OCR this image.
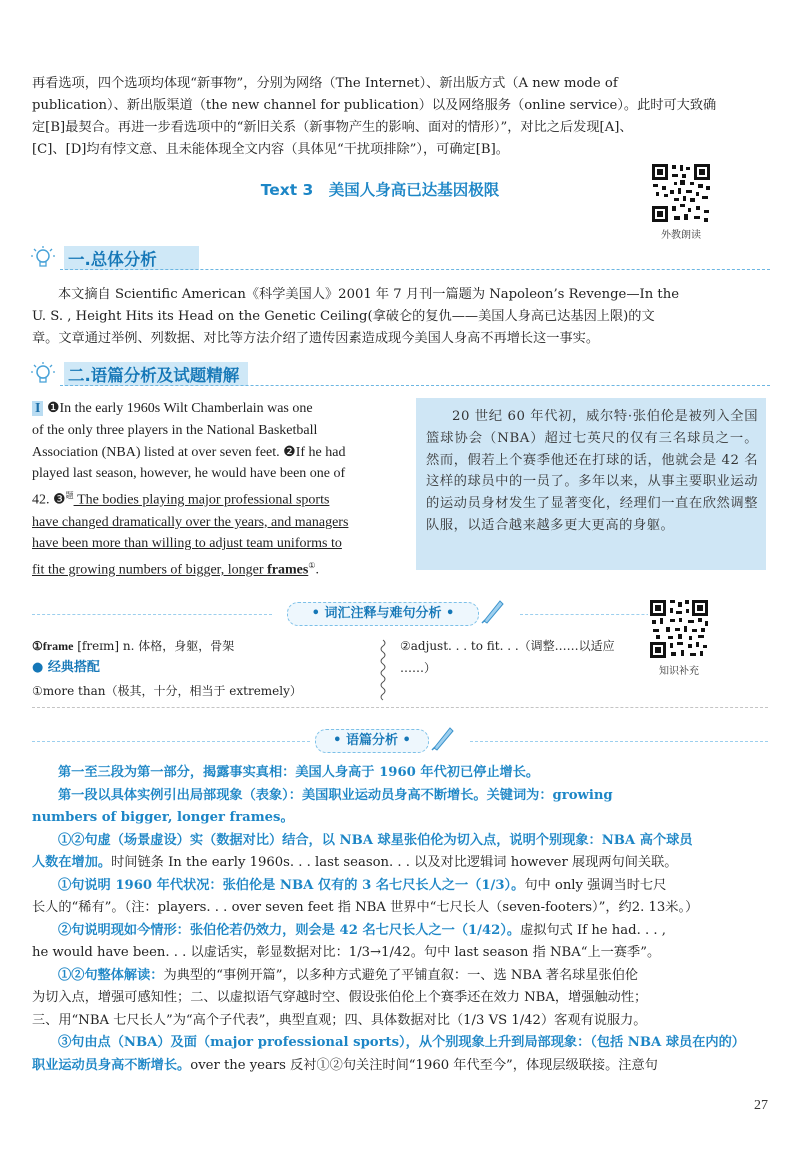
再看选项，四个选项均体现“新事物”，分别为网络（The Internet）、新出版方式（A new mode of
publication）、新出版渠道（the new channel for publication）以及网络服务（online service）。此时可大致确
定[B]最契合。再进一步看选项中的“新旧关系（新事物产生的影响、面对的情形）”，对比之后发现[A]、
[C]、[D]均有悖文意、且未能体现全文内容（具体见“干扰项排除”），可确定[B]。
Text 3　美国人身高已达基因极限
外教朗读
一.总体分析
本文摘自 Scientific American《科学美国人》2001 年 7 月刊一篇题为 Napoleon’s Revenge—In the
U. S. , Height Hits its Head on the Genetic Ceiling(拿破仑的复仇——美国人身高已达基因上限)的文
章。文章通过举例、列数据、对比等方法介绍了遗传因素造成现今美国人身高不再增长这一事实。
二.语篇分析及试题精解
I ❶In the early 1960s Wilt Chamberlain was one
of the only three players in the National Basketball
Association (NBA) listed at over seven feet. ❷If he had
played last season, however, he would have been one of
42. ❸$^题$ The bodies playing major professional sports
have changed dramatically over the years, and managers
have been more than willing to adjust team uniforms to
fit the growing numbers of bigger, longer frames①.
20 世纪 60 年代初，威尔特·张伯伦是被列入全国篮球协会（NBA）超过七英尺的仅有三名球员之一。然而，假若上个赛季他还在打球的话，他就会是 42 名这样的球员中的一员了。多年以来，从事主要职业运动的运动员身材发生了显著变化，经理们一直在欣然调整队服，以适合越来越多更大更高的身躯。
• 词汇注释与难句分析 •
知识补充
①frame [freɪm] n. 体格，身躯，骨架
● 经典搭配
①more than（极其，十分，相当于 extremely）
②adjust. . . to fit. . .（调整……以适应
……）
• 语篇分析 •
第一至三段为第一部分，揭露事实真相：美国人身高于 1960 年代初已停止增长。
第一段以具体实例引出局部现象（表象）：美国职业运动员身高不断增长。关键词为：growing
numbers of bigger, longer frames。
①②句虚（场景虚设）实（数据对比）结合，以 NBA 球星张伯伦为切入点，说明个别现象：NBA 高个球员
人数在增加。时间链条 In the early 1960s. . . last season. . . 以及对比逻辑词 however 展现两句间关联。
①句说明 1960 年代状况：张伯伦是 NBA 仅有的 3 名七尺长人之一（1/3）。句中 only 强调当时七尺
长人的“稀有”。（注：players. . . over seven feet 指 NBA 世界中“七尺长人（seven-footers）”，约2. 13米。）
②句说明现如今情形：张伯伦若仍效力，则会是 42 名七尺长人之一（1/42）。虚拟句式 If he had. . . ,
he would have been. . . 以虚话实，彰显数据对比：1/3→1/42。句中 last season 指 NBA“上一赛季”。
①②句整体解读：为典型的“事例开篇”，以多种方式避免了平铺直叙：一、选 NBA 著名球星张伯伦
为切入点，增强可感知性；二、以虚拟语气穿越时空、假设张伯伦上个赛季还在效力 NBA，增强触动性；
三、用“NBA 七尺长人”为“高个子代表”，典型直观；四、具体数据对比（1/3 VS 1/42）客观有说服力。
③句由点（NBA）及面（major professional sports），从个别现象上升到局部现象：（包括 NBA 球员在内的）
职业运动员身高不断增长。over the years 反衬①②句关注时间“1960 年代至今”，体现层级联接。注意句
27
